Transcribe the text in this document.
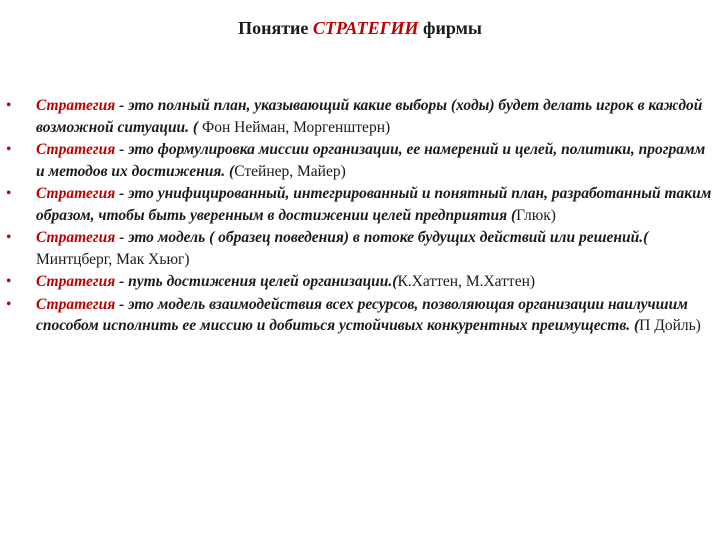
Понятие СТРАТЕГИИ фирмы
• Стратегия - это полный план, указывающий какие выборы (ходы) будет делать игрок в каждой возможной ситуации. ( Фон Нейман, Моргенштерн)
• Стратегия - это формулировка миссии организации, ее намерений и целей, политики, программ и методов их достижения. (Стейнер, Майер)
• Стратегия - это унифицированный, интегрированный и понятный план, разработанный таким образом, чтобы быть уверенным в достижении целей предприятия (Глюк)
• Стратегия - это модель ( образец поведения) в потоке будущих действий или решений.( Минтцберг, Мак Хьюг)
• Стратегия - путь достижения целей организации.(К.Хаттен, М.Хаттен)
• Стратегия - это модель взаимодействия всех ресурсов, позволяющая организации наилучшим способом исполнить ее миссию и добиться устойчивых конкурентных преимуществ. (П Дойль)
